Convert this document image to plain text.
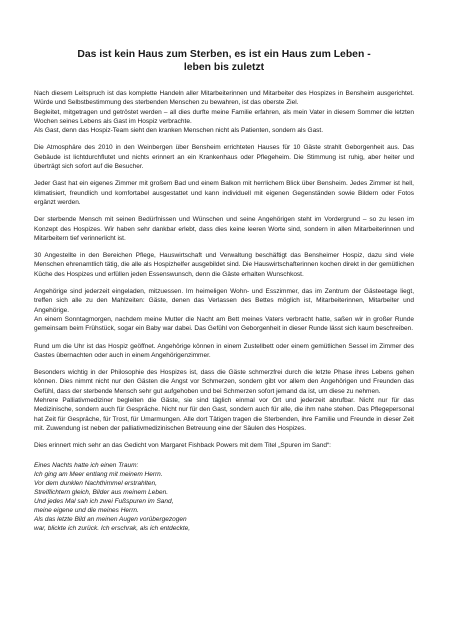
Das ist kein Haus zum Sterben, es ist ein Haus zum Leben -
leben bis zuletzt

Nach diesem Leitspruch ist das komplette Handeln aller Mitarbeiterinnen und Mitarbeiter des Hospizes in Bensheim ausgerichtet. Würde und Selbstbestimmung des sterbenden Menschen zu bewahren, ist das oberste Ziel.

Begleitet, mitgetragen und getröstet werden – all dies durfte meine Familie erfahren, als mein Vater in diesem Sommer die letzten Wochen seines Lebens als Gast im Hospiz verbrachte.

Als Gast, denn das Hospiz-Team sieht den kranken Menschen nicht als Patienten, sondern als Gast.

Die Atmosphäre des 2010 in den Weinbergen über Bensheim errichteten Hauses für 10 Gäste strahlt Geborgenheit aus. Das Gebäude ist lichtdurchflutet und nichts erinnert an ein Krankenhaus oder Pflegeheim. Die Stimmung ist ruhig, aber heiter und überträgt sich sofort auf die Besucher.

Jeder Gast hat ein eigenes Zimmer mit großem Bad und einem Balkon mit herrlichem Blick über Bensheim. Jedes Zimmer ist hell, klimatisiert, freundlich und komfortabel ausgestattet und kann individuell mit eigenen Gegenständen sowie Bildern oder Fotos ergänzt werden.

Der sterbende Mensch mit seinen Bedürfnissen und Wünschen und seine Angehörigen steht im Vordergrund – so zu lesen im Konzept des Hospizes. Wir haben sehr dankbar erlebt, dass dies keine leeren Worte sind, sondern in allen Mitarbeiterinnen und Mitarbeitern tief verinnerlicht ist.

30 Angestellte in den Bereichen Pflege, Hauswirtschaft und Verwaltung beschäftigt das Bensheimer Hospiz, dazu sind viele Menschen ehrenamtlich tätig, die alle als Hospizhelfer ausgebildet sind. Die Hauswirtschafterinnen kochen direkt in der gemütlichen Küche des Hospizes und erfüllen jeden Essenswunsch, denn die Gäste erhalten Wunschkost.

Angehörige sind jederzeit eingeladen, mitzuessen. Im heimeligen Wohn- und Esszimmer, das im Zentrum der Gästeetage liegt, treffen sich alle zu den Mahlzeiten: Gäste, denen das Verlassen des Bettes möglich ist, Mitarbeiterinnen, Mitarbeiter und Angehörige.

An einem Sonntagmorgen, nachdem meine Mutter die Nacht am Bett meines Vaters verbracht hatte, saßen wir in großer Runde gemeinsam beim Frühstück, sogar ein Baby war dabei. Das Gefühl von Geborgenheit in dieser Runde lässt sich kaum beschreiben.

Rund um die Uhr ist das Hospiz geöffnet. Angehörige können in einem Zustellbett oder einem gemütlichen Sessel im Zimmer des Gastes übernachten oder auch in einem Angehörigenzimmer.

Besonders wichtig in der Philosophie des Hospizes ist, dass die Gäste schmerzfrei durch die letzte Phase ihres Lebens gehen können. Dies nimmt nicht nur den Gästen die Angst vor Schmerzen, sondern gibt vor allem den Angehörigen und Freunden das Gefühl, dass der sterbende Mensch sehr gut aufgehoben und bei Schmerzen sofort jemand da ist, um diese zu nehmen.

Mehrere Palliativmediziner begleiten die Gäste, sie sind täglich einmal vor Ort und jederzeit abrufbar. Nicht nur für das Medizinische, sondern auch für Gespräche. Nicht nur für den Gast, sondern auch für alle, die ihm nahe stehen. Das Pflegepersonal hat Zeit für Gespräche, für Trost, für Umarmungen. Alle dort Tätigen tragen die Sterbenden, ihre Familie und Freunde in dieser Zeit mit. Zuwendung ist neben der palliativmedizinischen Betreuung eine der Säulen des Hospizes.

Dies erinnert mich sehr an das Gedicht von Margaret Fishback Powers mit dem Titel „Spuren im Sand“:

Eines Nachts hatte ich einen Traum:
Ich ging am Meer entlang mit meinem Herrn.
Vor dem dunklen Nachthimmel erstrahlten,
Streiflichtern gleich, Bilder aus meinem Leben.
Und jedes Mal sah ich zwei Fußspuren im Sand,
meine eigene und die meines Herrn.
Als das letzte Bild an meinen Augen vorübergezogen
war, blickte ich zurück. Ich erschrak, als ich entdeckte,
